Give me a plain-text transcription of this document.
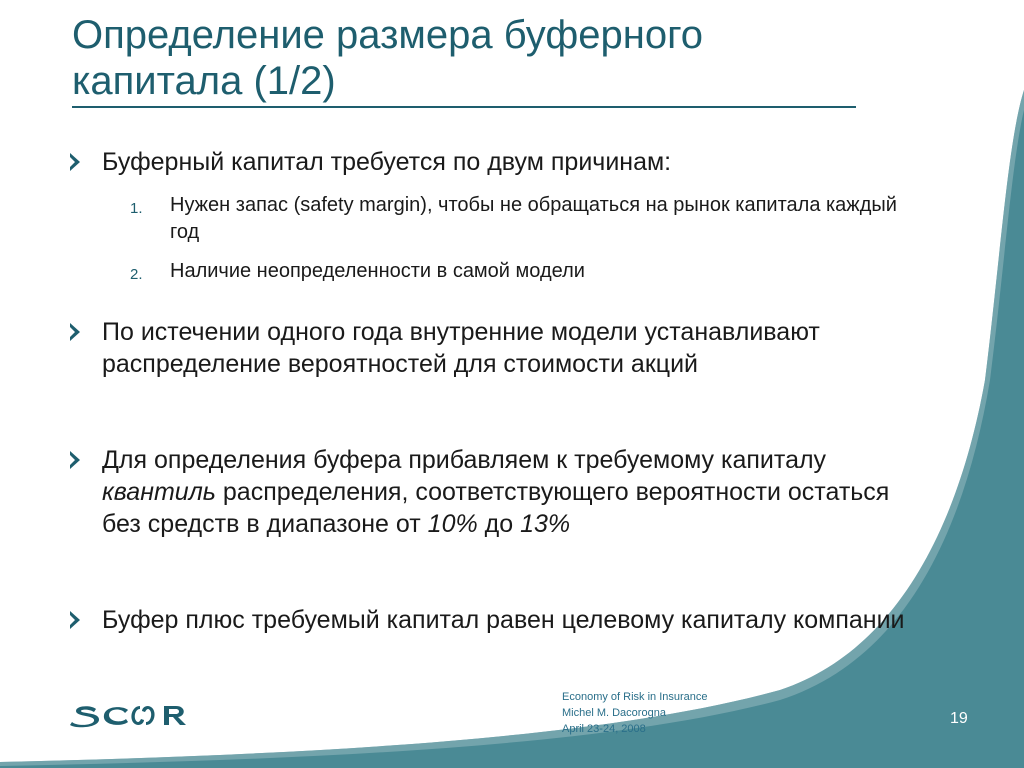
Определение размера буферного
капитала (1/2)
Буферный капитал требуется по двум причинам:
1. Нужен запас (safety margin), чтобы не обращаться на рынок капитала каждый год
2. Наличие неопределенности в самой модели
По истечении одного года внутренние модели устанавливают распределение вероятностей для стоимости акций
Для определения буфера прибавляем к требуемому капиталу квантиль распределения, соответствующего вероятности остаться без средств в диапазоне от 10% до 13%
Буфер плюс требуемый капитал равен целевому капиталу компании
Economy of Risk in Insurance
Michel M. Dacorogna
April 23-24, 2008
19
